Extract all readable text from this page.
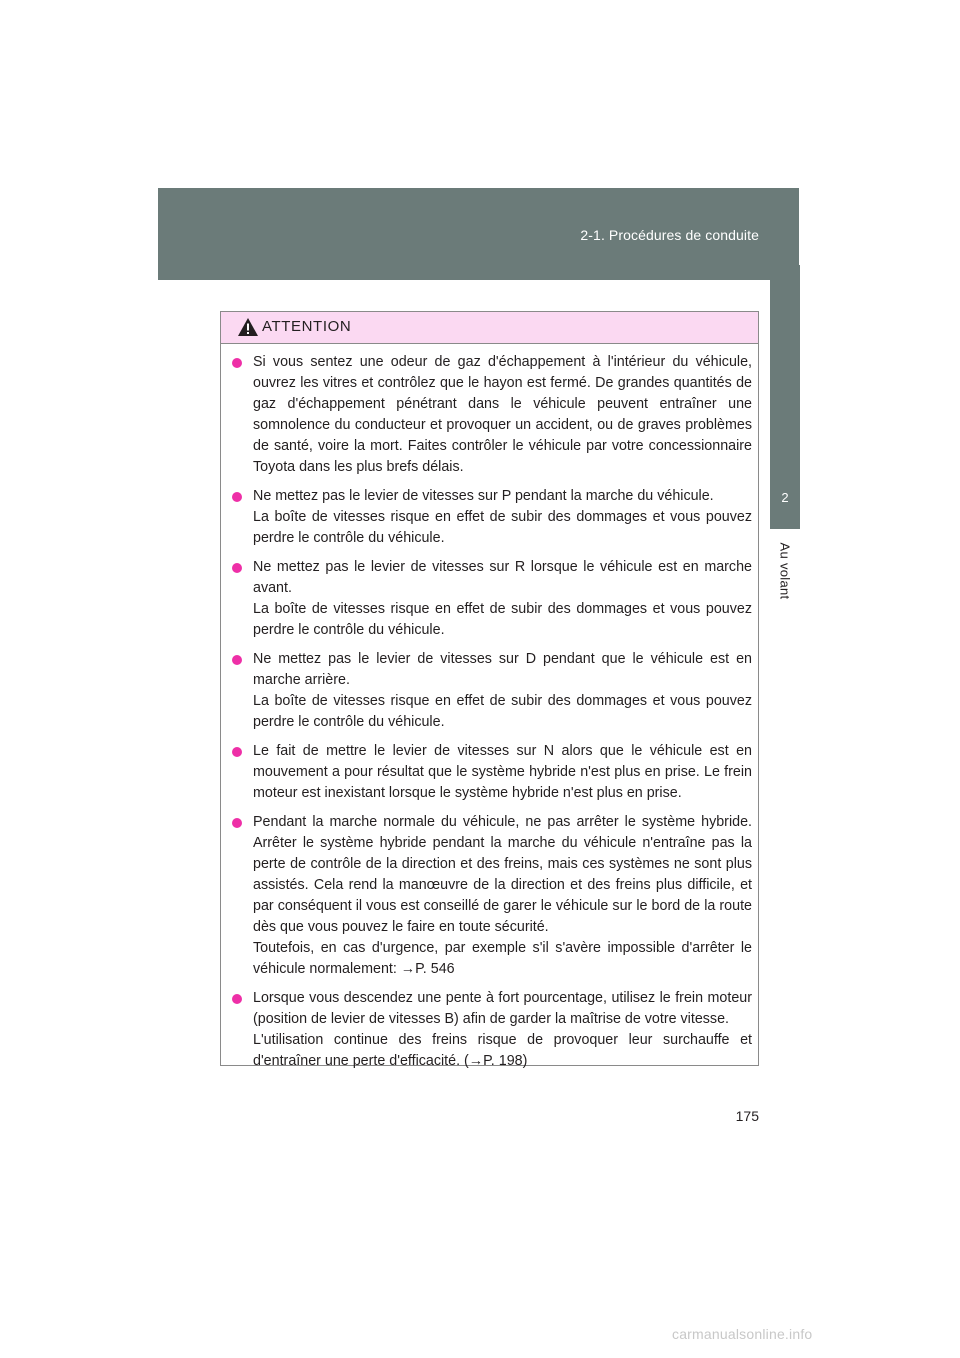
2-1. Procédures de conduite
2
Au volant
ATTENTION

Si vous sentez une odeur de gaz d'échappement à l'intérieur du véhicule, ouvrez les vitres et contrôlez que le hayon est fermé. De grandes quantités de gaz d'échappement pénétrant dans le véhicule peuvent entraîner une somnolence du conducteur et provoquer un accident, ou de graves problèmes de santé, voire la mort. Faites contrôler le véhicule par votre concessionnaire Toyota dans les plus brefs délais.

Ne mettez pas le levier de vitesses sur P pendant la marche du véhicule.

La boîte de vitesses risque en effet de subir des dommages et vous pouvez perdre le contrôle du véhicule.

Ne mettez pas le levier de vitesses sur R lorsque le véhicule est en marche avant.

La boîte de vitesses risque en effet de subir des dommages et vous pouvez perdre le contrôle du véhicule.

Ne mettez pas le levier de vitesses sur D pendant que le véhicule est en marche arrière.

La boîte de vitesses risque en effet de subir des dommages et vous pouvez perdre le contrôle du véhicule.

Le fait de mettre le levier de vitesses sur N alors que le véhicule est en mouvement a pour résultat que le système hybride n'est plus en prise. Le frein moteur est inexistant lorsque le système hybride n'est plus en prise.

Pendant la marche normale du véhicule, ne pas arrêter le système hybride. Arrêter le système hybride pendant la marche du véhicule n'entraîne pas la perte de contrôle de la direction et des freins, mais ces systèmes ne sont plus assistés. Cela rend la manœuvre de la direction et des freins plus difficile, et par conséquent il vous est conseillé de garer le véhicule sur le bord de la route dès que vous pouvez le faire en toute sécurité.

Toutefois, en cas d'urgence, par exemple s'il s'avère impossible d'arrêter le véhicule normalement: →P. 546

Lorsque vous descendez une pente à fort pourcentage, utilisez le frein moteur (position de levier de vitesses B) afin de garder la maîtrise de votre vitesse.

L'utilisation continue des freins risque de provoquer leur surchauffe et d'entraîner une perte d'efficacité. (→P. 198)

175
carmanualsonline.info
